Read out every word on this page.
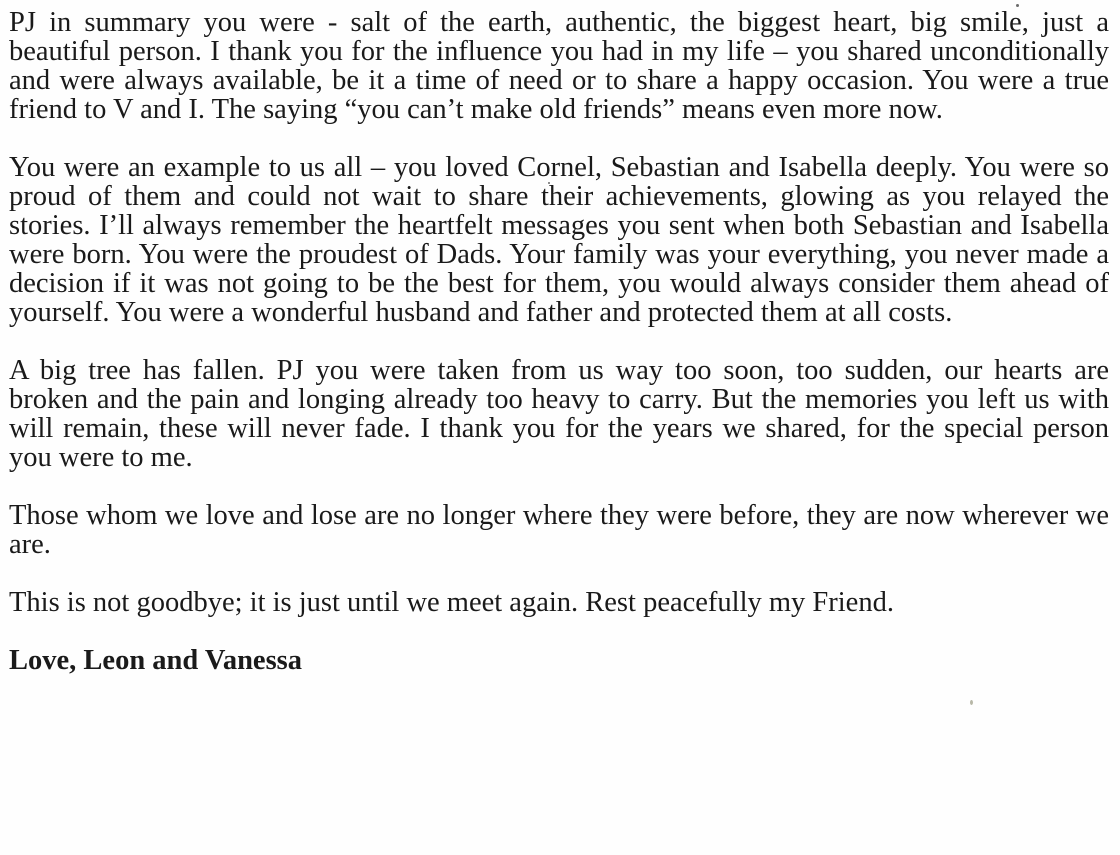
PJ in summary you were - salt of the earth, authentic, the biggest heart, big smile, just a beautiful person. I thank you for the influence you had in my life – you shared unconditionally and were always available, be it a time of need or to share a happy occasion. You were a true friend to V and I. The saying “you can’t make old friends” means even more now.

You were an example to us all – you loved Cornel, Sebastian and Isabella deeply. You were so proud of them and could not wait to share their achievements, glowing as you relayed the stories. I’ll always remember the heartfelt messages you sent when both Sebastian and Isabella were born. You were the proudest of Dads. Your family was your everything, you never made a decision if it was not going to be the best for them, you would always consider them ahead of yourself. You were a wonderful husband and father and protected them at all costs.

A big tree has fallen. PJ you were taken from us way too soon, too sudden, our hearts are broken and the pain and longing already too heavy to carry. But the memories you left us with will remain, these will never fade. I thank you for the years we shared, for the special person you were to me.

Those whom we love and lose are no longer where they were before, they are now wherever we are.

This is not goodbye; it is just until we meet again. Rest peacefully my Friend.

Love, Leon and Vanessa
